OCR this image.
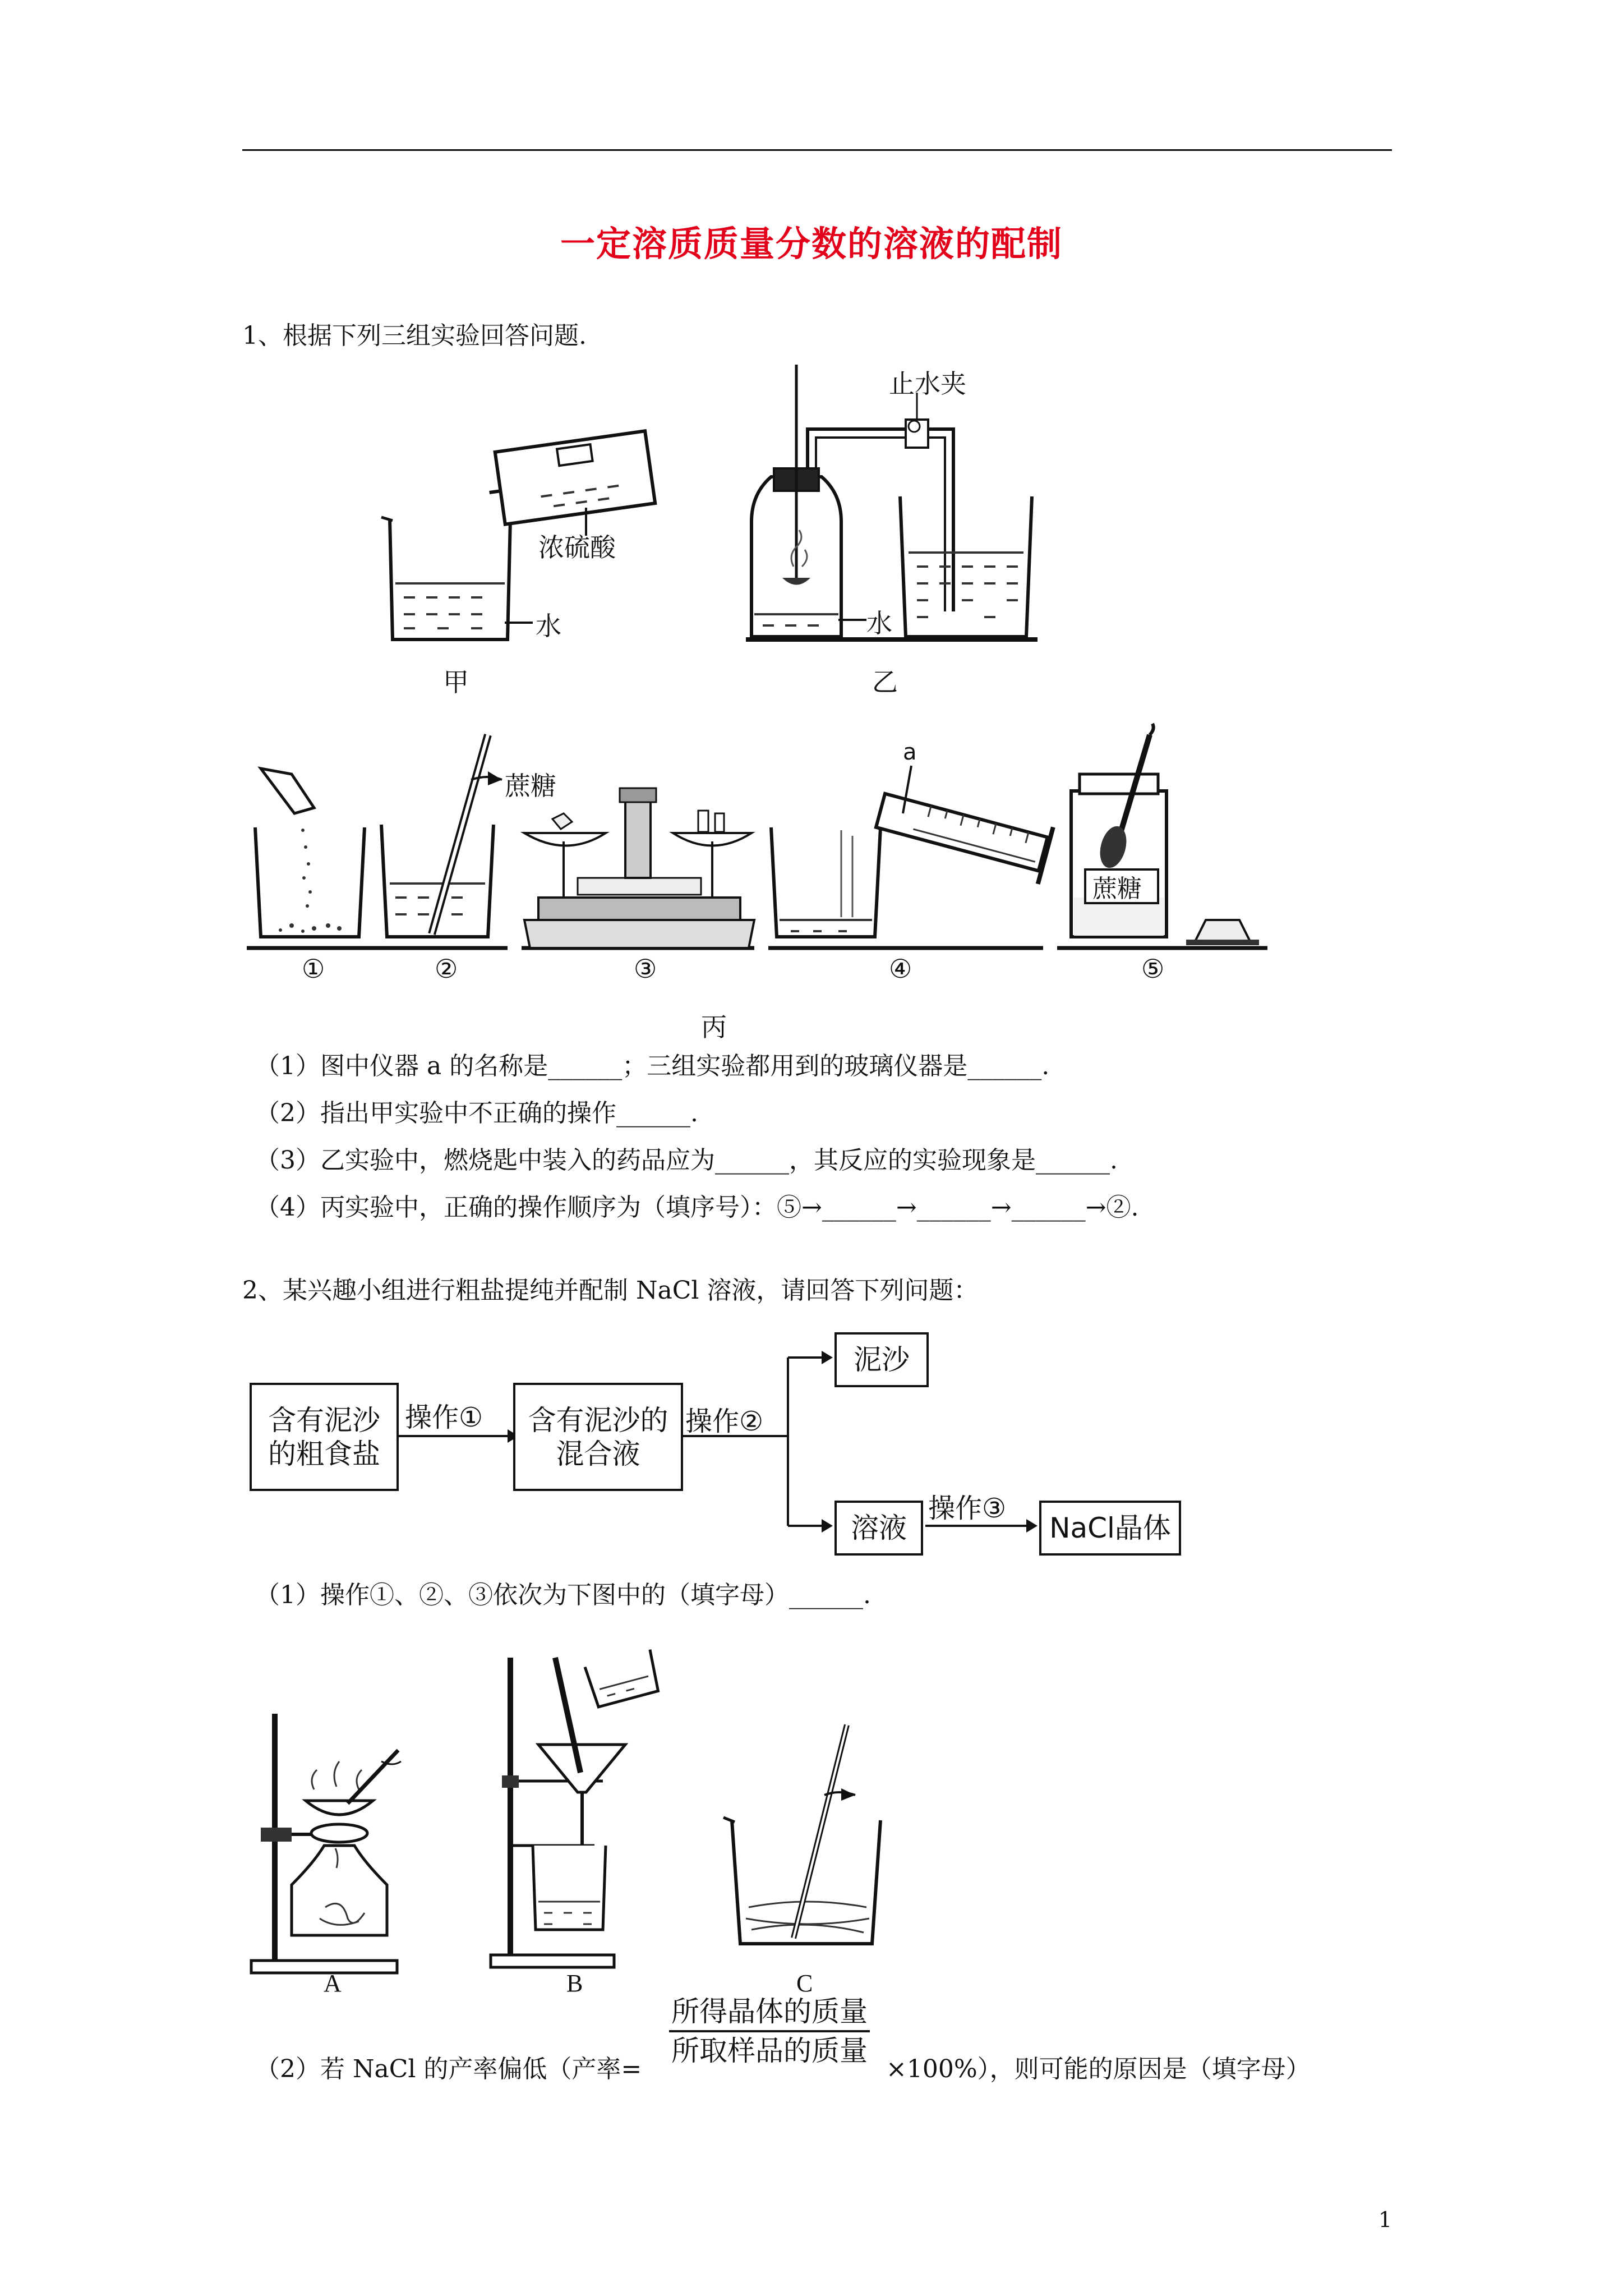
一定溶质质量分数的溶液的配制
1、根据下列三组实验回答问题.
浓硫酸
水
甲
止水夹
水
乙
蔗糖
a
蔗糖
①	②	③	④	⑤
丙
（1）图中仪器 a 的名称是______；三组实验都用到的玻璃仪器是______.
（2）指出甲实验中不正确的操作______.
（3）乙实验中，燃烧匙中装入的药品应为______，其反应的实验现象是______.
（4）丙实验中，正确的操作顺序为（填序号）：⑤→______→______→______→②.
2、某兴趣小组进行粗盐提纯并配制 NaCl 溶液，请回答下列问题：
含有泥沙
的粗食盐
操作①	含有泥沙的
混合液
操作②
泥沙
溶液
操作③
NaCl晶体
（1）操作①、②、③依次为下图中的（填字母）______.
A	B	C
所得晶体的质量
所取样品的质量
（2）若 NaCl 的产率偏低（产率=	×100%），则可能的原因是（填字母）
1
